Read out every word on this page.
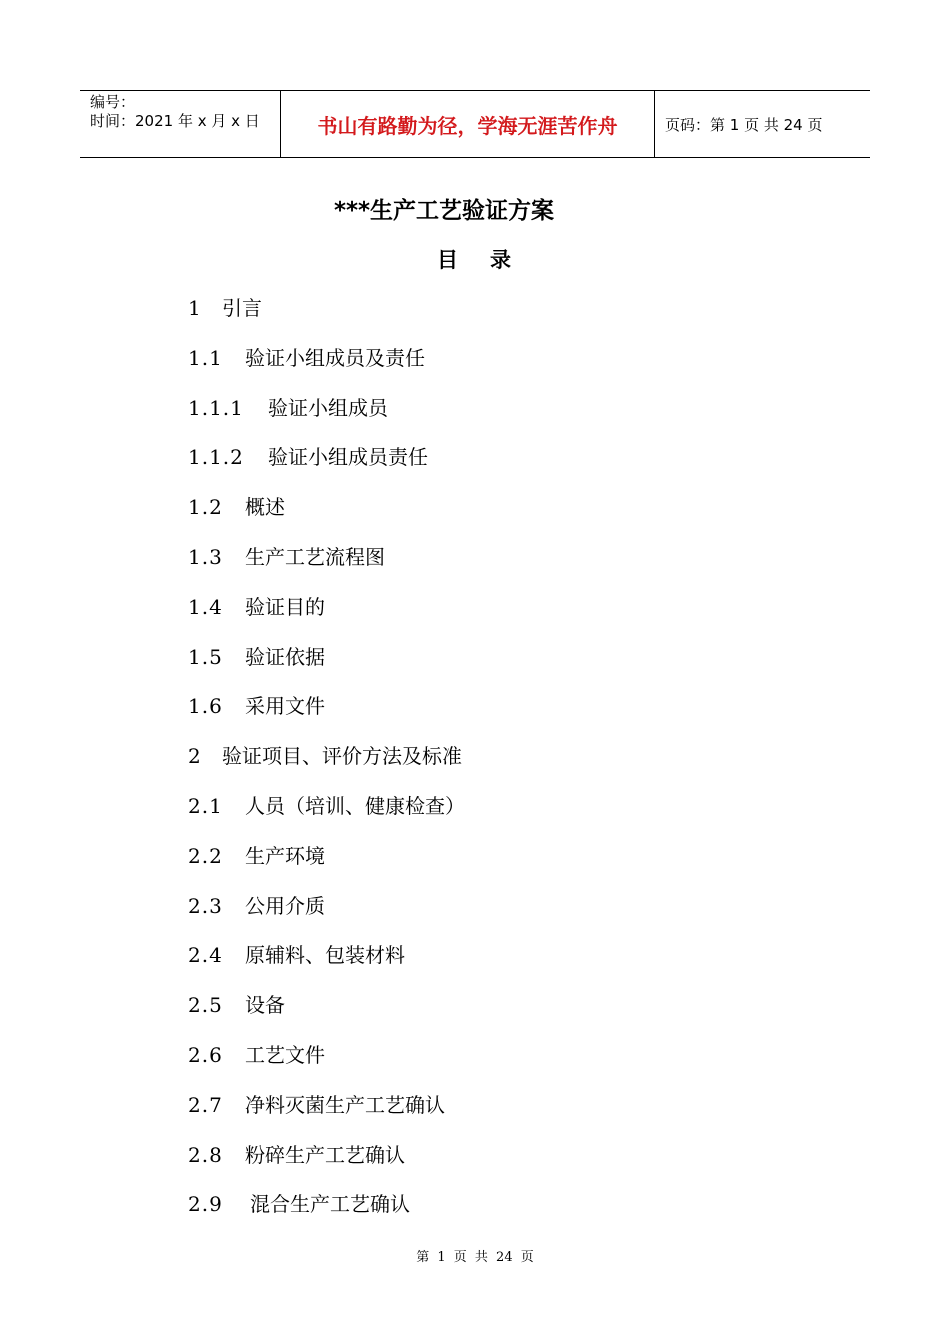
编号：
时间：2021 年 x 月 x 日	书山有路勤为径，学海无涯苦作舟	页码：第 1 页 共 24 页
***生产工艺验证方案
目 录
1	引言
1.1	验证小组成员及责任
1.1.1	验证小组成员
1.1.2	验证小组成员责任
1.2	概述
1.3	生产工艺流程图
1.4	验证目的
1.5	验证依据
1.6	采用文件
2	验证项目、评价方法及标准
2.1	人员（培训、健康检查）
2.2	生产环境
2.3	公用介质
2.4	原辅料、包装材料
2.5	设备
2.6	工艺文件
2.7	净料灭菌生产工艺确认
2.8	粉碎生产工艺确认
2.9	混合生产工艺确认
第 1 页 共 24 页
